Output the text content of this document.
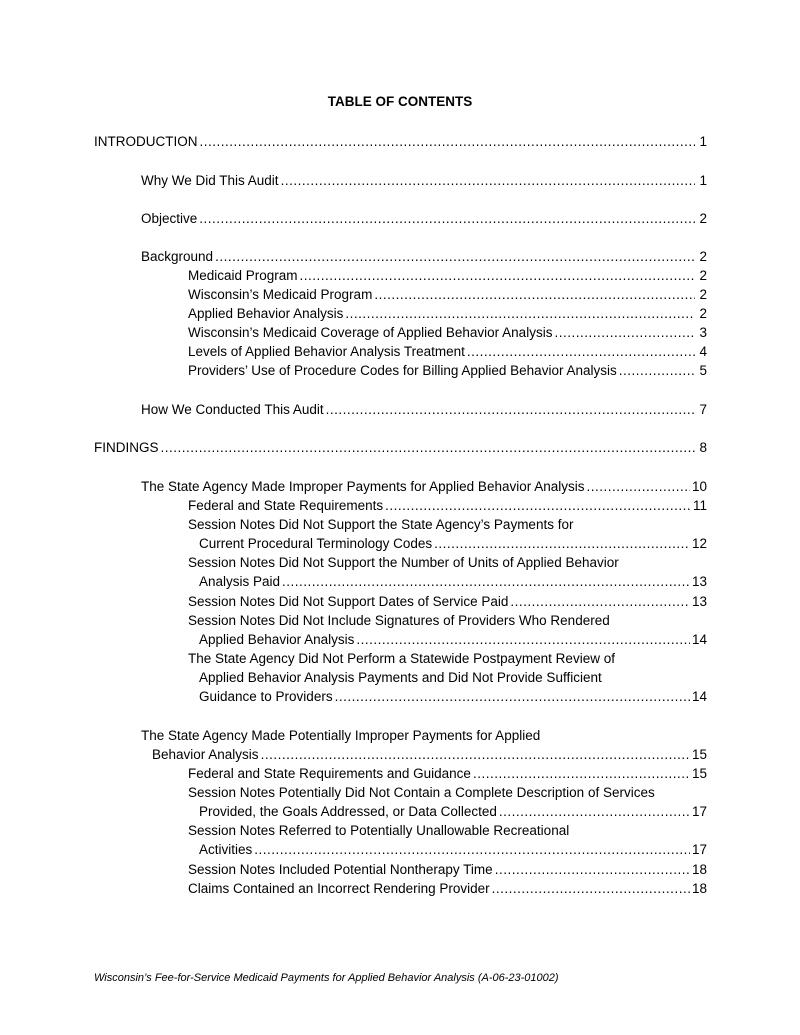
TABLE OF CONTENTS
INTRODUCTION .....	1
Why We Did This Audit .....	1
Objective .....	2
Background .....	2
Medicaid Program .....	2
Wisconsin’s Medicaid Program .....	2
Applied Behavior Analysis .....	2
Wisconsin’s Medicaid Coverage of Applied Behavior Analysis .....	3
Levels of Applied Behavior Analysis Treatment .....	4
Providers’ Use of Procedure Codes for Billing Applied Behavior Analysis .....	5
How We Conducted This Audit .....	7
FINDINGS .....	8
The State Agency Made Improper Payments for Applied Behavior Analysis .....	10
Federal and State Requirements .....	11
Session Notes Did Not Support the State Agency’s Payments for
Current Procedural Terminology Codes .....	12
Session Notes Did Not Support the Number of Units of Applied Behavior
Analysis Paid .....	13
Session Notes Did Not Support Dates of Service Paid .....	13
Session Notes Did Not Include Signatures of Providers Who Rendered
Applied Behavior Analysis .....	14
The State Agency Did Not Perform a Statewide Postpayment Review of
Applied Behavior Analysis Payments and Did Not Provide Sufficient
Guidance to Providers .....	14
The State Agency Made Potentially Improper Payments for Applied
Behavior Analysis .....	15
Federal and State Requirements and Guidance .....	15
Session Notes Potentially Did Not Contain a Complete Description of Services
Provided, the Goals Addressed, or Data Collected .....	17
Session Notes Referred to Potentially Unallowable Recreational
Activities .....	17
Session Notes Included Potential Nontherapy Time .....	18
Claims Contained an Incorrect Rendering Provider .....	18
Wisconsin’s Fee-for-Service Medicaid Payments for Applied Behavior Analysis (A-06-23-01002)
